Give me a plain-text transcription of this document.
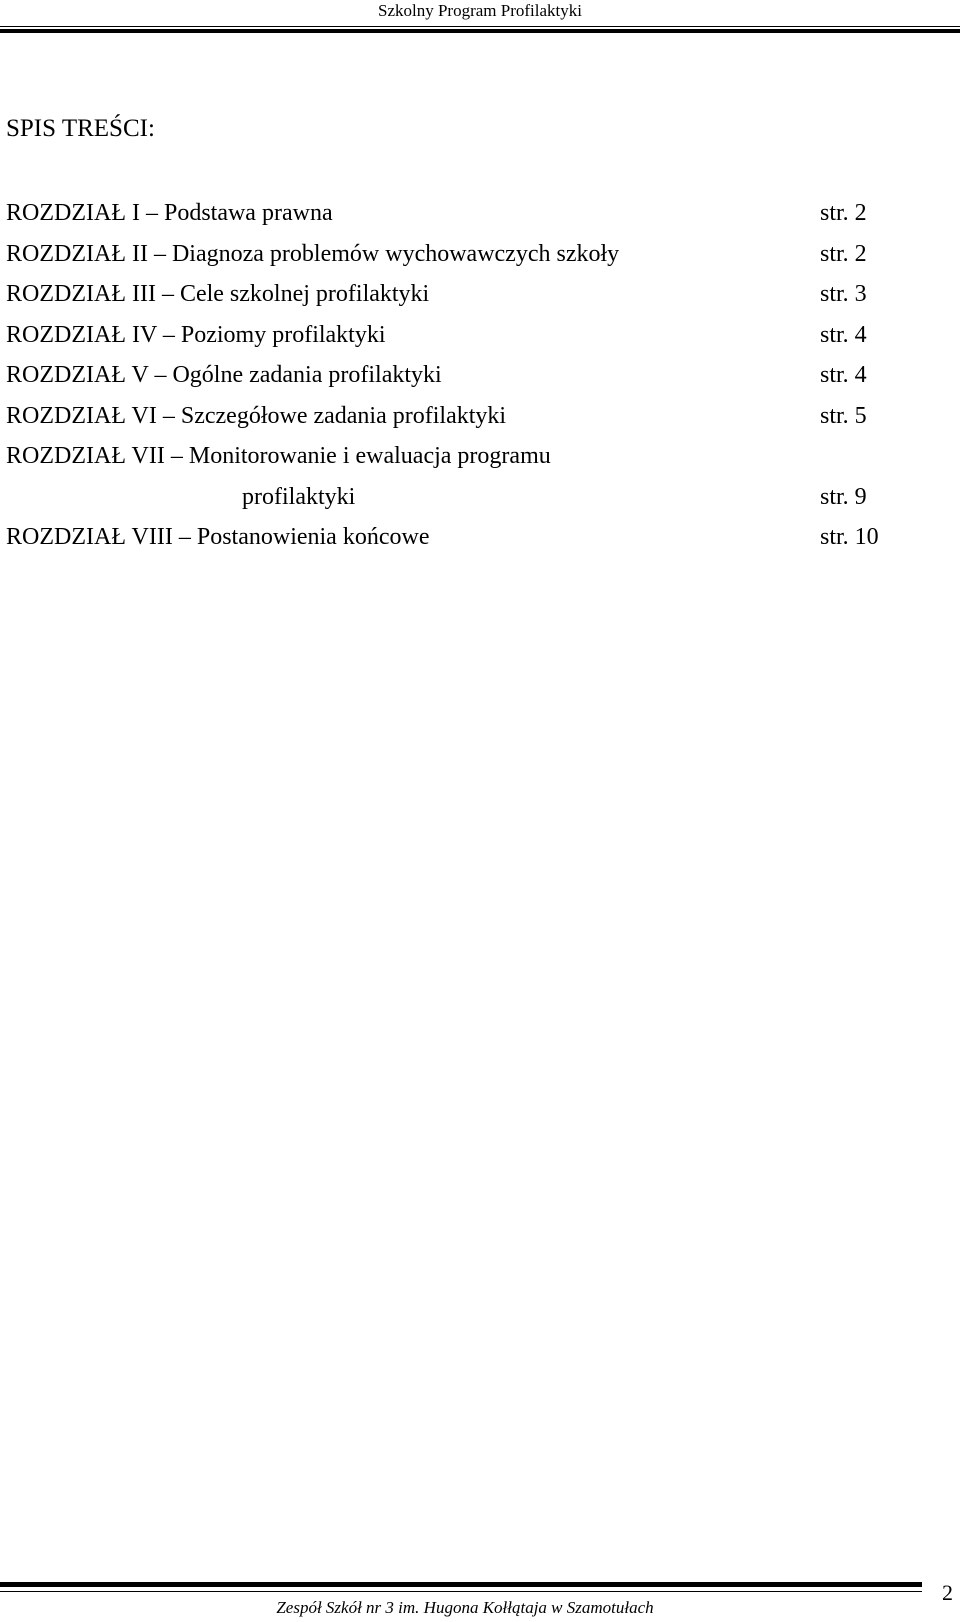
Szkolny Program Profilaktyki
SPIS TREŚCI:
ROZDZIAŁ I – Podstawa prawna	str. 2
ROZDZIAŁ II – Diagnoza problemów wychowawczych szkoły	str. 2
ROZDZIAŁ III – Cele szkolnej profilaktyki	str. 3
ROZDZIAŁ IV – Poziomy profilaktyki	str. 4
ROZDZIAŁ V – Ogólne zadania profilaktyki	str. 4
ROZDZIAŁ VI – Szczegółowe zadania profilaktyki	str. 5
ROZDZIAŁ VII – Monitorowanie i ewaluacja programu
profilaktyki	str. 9
ROZDZIAŁ VIII – Postanowienia końcowe	str. 10
Zespół Szkół nr 3 im. Hugona Kołłątaja w Szamotułach
2
